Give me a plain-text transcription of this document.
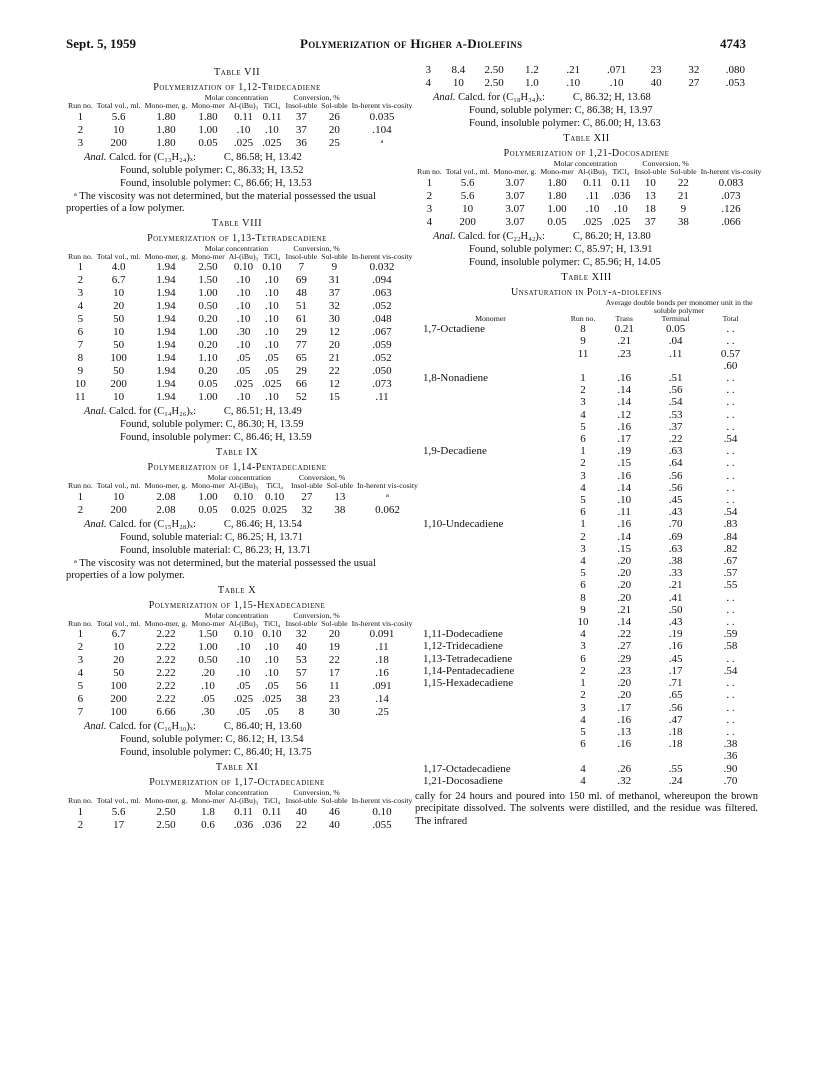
Sept. 5, 1959	Polymerization of Higher α-Diolefins	4743
Table VII
Polymerization of 1,12-Tridecadiene
			Molar concentration			Conversion, %		
Run no.	Total vol., ml.	Mono-mer, g.	Mono-mer	Al-(iBu)₃	TiCl₄	Insol-uble	Sol-uble	In-herent vis-cosity
1	5.6	1.80	1.80	0.11	0.11	37	26	0.035
2	10	1.80	1.00	.10	.10	37	20	.104
3	200	1.80	0.05	.025	.025	36	25	ᵃ
Anal. Calcd. for (C₁₃H₂₄)ₓ:	C, 86.58; H, 13.42
Found, soluble polymer: C, 86.33; H, 13.52
Found, insoluble polymer: C, 86.66; H, 13.53
ᵃ The viscosity was not determined, but the material possessed the usual properties of a low polymer.
Table VIII
Polymerization of 1,13-Tetradecadiene
			Molar concentration			Conversion, %		
Run no.	Total vol., ml.	Mono-mer, g.	Mono-mer	Al-(iBu)₃	TiCl₄	Insol-uble	Sol-uble	In-herent vis-cosity
1	4.0	1.94	2.50	0.10	0.10	7	9	0.032
2	6.7	1.94	1.50	.10	.10	69	31	.094
3	10	1.94	1.00	.10	.10	48	37	.063
4	20	1.94	0.50	.10	.10	51	32	.052
5	50	1.94	0.20	.10	.10	61	30	.048
6	10	1.94	1.00	.30	.10	29	12	.067
7	50	1.94	0.20	.10	.10	77	20	.059
8	100	1.94	1.10	.05	.05	65	21	.052
9	50	1.94	0.20	.05	.05	29	22	.050
10	200	1.94	0.05	.025	.025	66	12	.073
11	10	1.94	1.00	.10	.10	52	15	.11
Anal. Calcd. for (C₁₄H₂₆)ₓ:	C, 86.51; H, 13.49
Found, soluble polymer: C, 86.30; H, 13.59
Found, insoluble polymer: C, 86.46; H, 13.59
Table IX
Polymerization of 1,14-Pentadecadiene
			Molar concentration			Conversion, %		
Run no.	Total vol., ml.	Mono-mer, g.	Mono-mer	Al-(iBu)₃	TiCl₄	Insol-uble	Sol-uble	In-herent vis-cosity
1	10	2.08	1.00	0.10	0.10	27	13	ᵃ
2	200	2.08	0.05	0.025	0.025	32	38	0.062
Anal. Calcd. for (C₁₅H₂₈)ₓ:	C, 86.46; H, 13.54
Found, soluble material: C, 86.25; H, 13.71
Found, insoluble material: C, 86.23; H, 13.71
ᵃ The viscosity was not determined, but the material possessed the usual properties of a low polymer.
Table X
Polymerization of 1,15-Hexadecadiene
			Molar concentration			Conversion, %		
Run no.	Total vol., ml.	Mono-mer, g.	Mono-mer	Al-(iBu)₃	TiCl₄	Insol-uble	Sol-uble	In-herent vis-cosity
1	6.7	2.22	1.50	0.10	0.10	32	20	0.091
2	10	2.22	1.00	.10	.10	40	19	.11
3	20	2.22	0.50	.10	.10	53	22	.18
4	50	2.22	.20	.10	.10	57	17	.16
5	100	2.22	.10	.05	.05	56	11	.091
6	200	2.22	.05	.025	.025	38	23	.14
7	100	6.66	.30	.05	.05	8	30	.25
Anal. Calcd. for (C₁₆H₃₀)ₓ:	C, 86.40; H, 13.60
Found, soluble polymer: C, 86.12; H, 13.54
Found, insoluble polymer: C, 86.40; H, 13.75
Table XI
Polymerization of 1,17-Octadecadiene
			Molar concentration			Conversion, %		
Run no.	Total vol., ml.	Mono-mer, g.	Mono-mer	Al-(iBu)₃	TiCl₄	Insol-uble	Sol-uble	In-herent vis-cosity
1	5.6	2.50	1.8	0.11	0.11	40	46	0.10
2	17	2.50	0.6	.036	.036	22	40	.055
3	8.4	2.50	1.2	.21	.071	23	32	.080
4	10	2.50	1.0	.10	.10	40	27	.053
Anal. Calcd. for (C₁₈H₃₄)ₓ:	C, 86.32; H, 13.68
Found, soluble polymer: C, 86.38; H, 13.97
Found, insoluble polymer: C, 86.00; H, 13.63
Table XII
Polymerization of 1,21-Docosadiene
			Molar concentration			Conversion, %		
Run no.	Total vol., ml.	Mono-mer, g.	Mono-mer	Al-(iBu)₃	TiCl₄	Insol-uble	Sol-uble	In-herent vis-cosity
1	5.6	3.07	1.80	0.11	0.11	10	22	0.083
2	5.6	3.07	1.80	.11	.036	13	21	.073
3	10	3.07	1.00	.10	.10	18	9	.126
4	200	3.07	0.05	.025	.025	37	38	.066
Anal. Calcd. for (C₂₂H₄₂)ₓ:	C, 86.20; H, 13.80
Found, soluble polymer: C, 85.97; H, 13.91
Found, insoluble polymer: C, 85.96; H, 14.05
Table XIII
Unsaturation in Poly-α-diolefins
		Average double bonds per monomer unit in the soluble polymer		
Monomer	Run no.	Trans	Terminal	Total
1,7-Octadiene	8	0.21	0.05	. .
	9	.21	.04	. .
	11	.23	.11	0.57
				.60

1,8-Nonadiene	1	.16	.51	. .
	2	.14	.56	. .
	3	.14	.54	. .
	4	.12	.53	. .
	5	.16	.37	. .
	6	.17	.22	.54
1,9-Decadiene	1	.19	.63	. .
	2	.15	.64	. .
	3	.16	.56	. .
	4	.14	.56	. .
	5	.10	.45	. .
	6	.11	.43	.54
1,10-Undecadiene	1	.16	.70	.83
	2	.14	.69	.84
	3	.15	.63	.82
	4	.20	.38	.67
	5	.20	.33	.57
	6	.20	.21	.55
	8	.20	.41	. .
	9	.21	.50	. .
	10	.14	.43	. .
1,11-Dodecadiene	4	.22	.19	.59
1,12-Tridecadiene	3	.27	.16	.58
1,13-Tetradecadiene	6	.29	.45	. .
1,14-Pentadecadiene	2	.23	.17	.54
1,15-Hexadecadiene	1	.20	.71	. .
	2	.20	.65	. .
	3	.17	.56	. .
	4	.16	.47	. .
	5	.13	.18	. .
	6	.16	.18	.38
				.36

1,17-Octadecadiene	4	.26	.55	.90
1,21-Docosadiene	4	.32	.24	.70
cally for 24 hours and poured into 150 ml. of methanol, whereupon the brown precipitate dissolved. The solvents were distilled, and the residue was filtered. The infrared
